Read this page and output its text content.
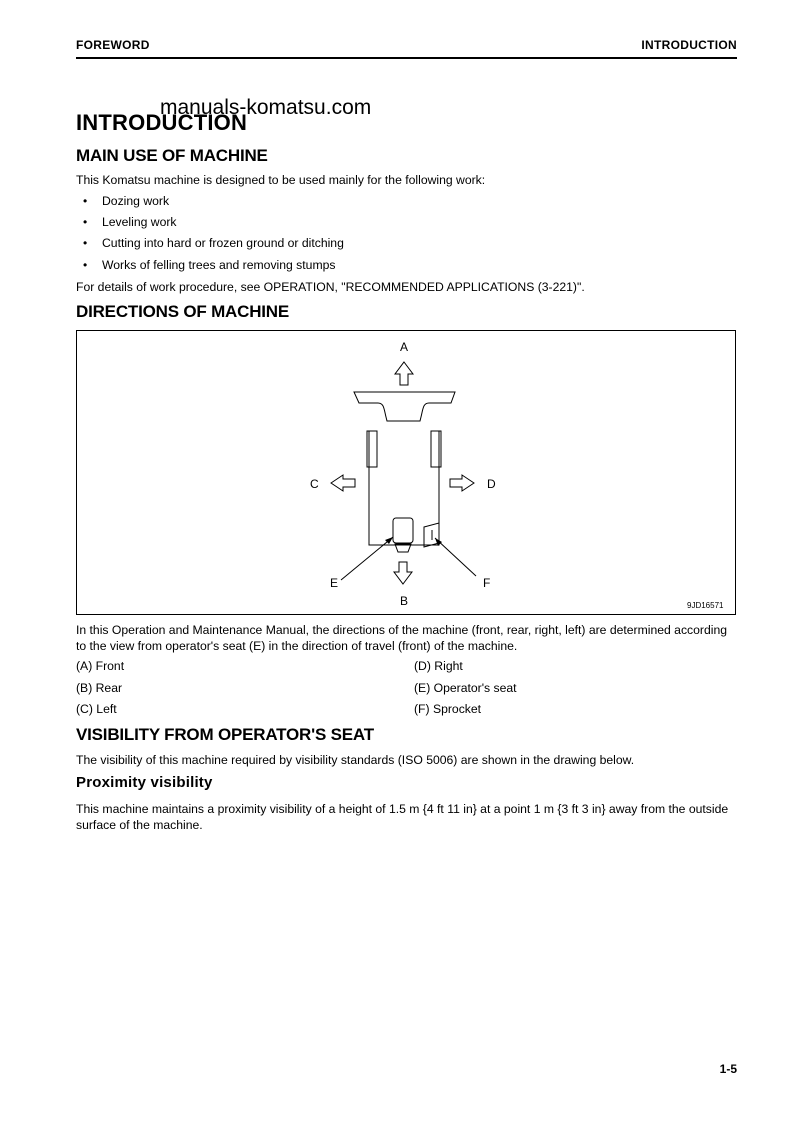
FOREWORD	INTRODUCTION
INTRODUCTION
manuals-komatsu.com
MAIN USE OF MACHINE
This Komatsu machine is designed to be used mainly for the following work:
• Dozing work
• Leveling work
• Cutting into hard or frozen ground or ditching
• Works of felling trees and removing stumps
For details of work procedure, see OPERATION, "RECOMMENDED APPLICATIONS (3-221)".
DIRECTIONS OF MACHINE
A
B
C	D
E	F
9JD16571
In this Operation and Maintenance Manual, the directions of the machine (front, rear, right, left) are determined according to the view from operator's seat (E) in the direction of travel (front) of the machine.
(A) Front	(D) Right
(B) Rear	(E) Operator's seat
(C) Left	(F) Sprocket
VISIBILITY FROM OPERATOR'S SEAT
The visibility of this machine required by visibility standards (ISO 5006) are shown in the drawing below.
Proximity visibility
This machine maintains a proximity visibility of a height of 1.5 m {4 ft 11 in} at a point 1 m {3 ft 3 in} away from the outside surface of the machine.
1-5
